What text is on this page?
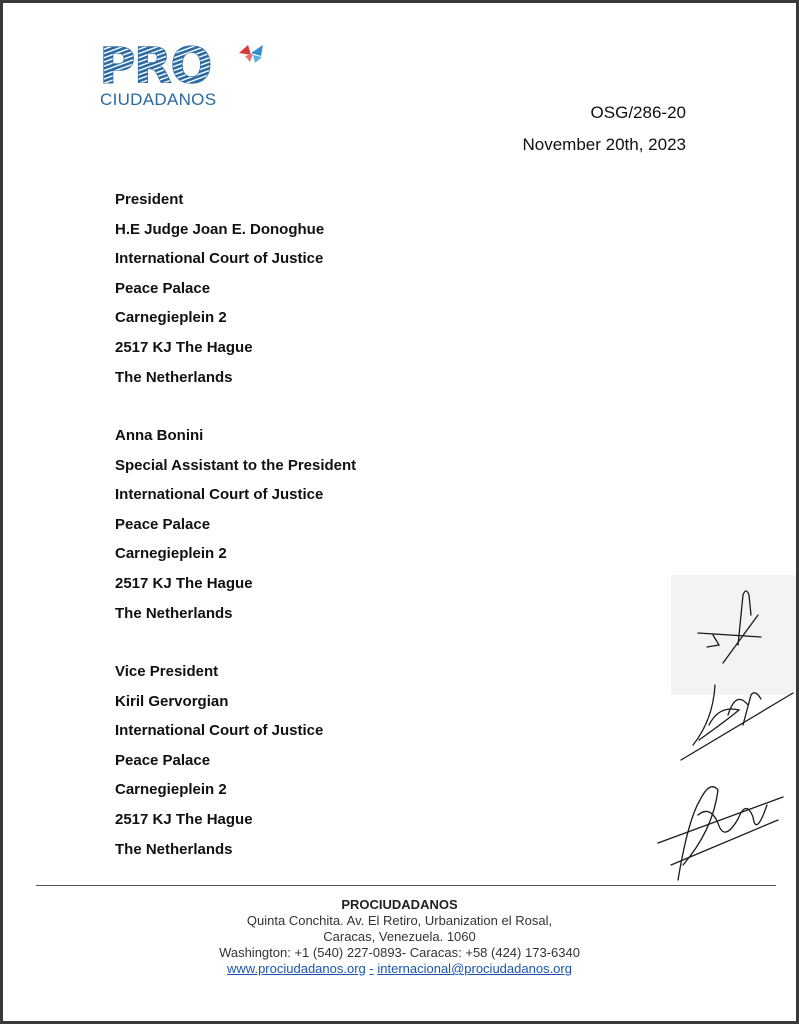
PRO
CIUDADANOS
OSG/286-20
November 20th, 2023
President
H.E Judge Joan E. Donoghue
International Court of Justice
Peace Palace
Carnegieplein 2
2517 KJ The Hague
The Netherlands
Anna Bonini
Special Assistant to the President
International Court of Justice
Peace Palace
Carnegieplein 2
2517 KJ The Hague
The Netherlands
Vice President
Kiril Gervorgian
International Court of Justice
Peace Palace
Carnegieplein 2
2517 KJ The Hague
The Netherlands
PROCIUDADANOS
Quinta Conchita. Av. El Retiro, Urbanization el Rosal,
Caracas, Venezuela. 1060
Washington: +1 (540) 227-0893- Caracas: +58 (424) 173-6340
www.prociudadanos.org - internacional@prociudadanos.org
